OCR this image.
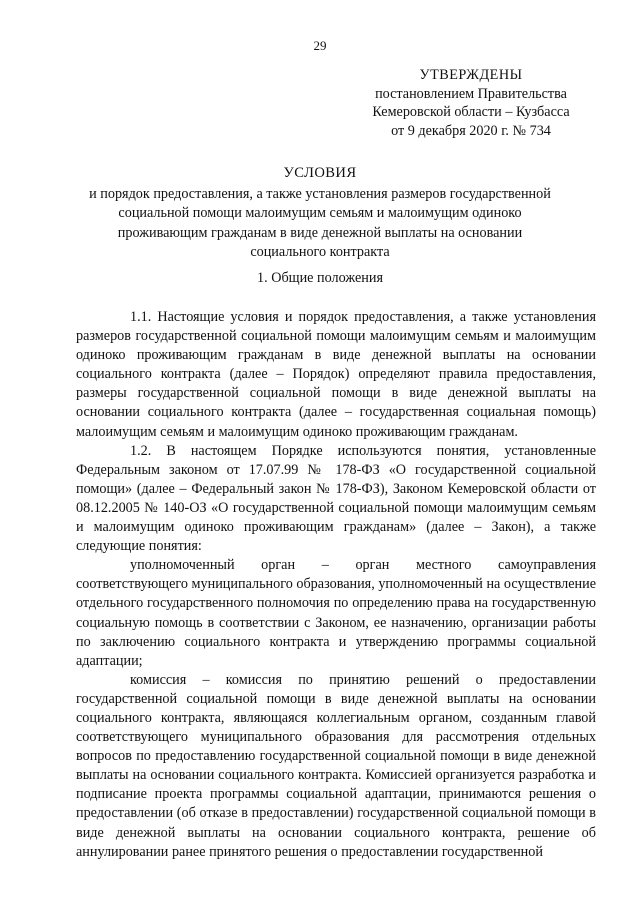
29
УТВЕРЖДЕНЫ
постановлением Правительства
Кемеровской области – Кузбасса
от 9 декабря 2020 г. № 734
УСЛОВИЯ
и порядок предоставления, а также установления размеров государственной
социальной помощи малоимущим семьям и малоимущим одиноко
проживающим гражданам в виде денежной выплаты на основании
социального контракта
1. Общие положения

1.1. Настоящие условия и порядок предоставления, а также установления размеров государственной социальной помощи малоимущим семьям и малоимущим одиноко проживающим гражданам в виде денежной выплаты на основании социального контракта (далее – Порядок) определяют правила предоставления, размеры государственной социальной помощи в виде денежной выплаты на основании социального контракта (далее – государственная социальная помощь) малоимущим семьям и малоимущим одиноко проживающим гражданам.

1.2. В настоящем Порядке используются понятия, установленные Федеральным законом от 17.07.99 № 178-ФЗ «О государственной социальной помощи» (далее – Федеральный закон № 178-ФЗ), Законом Кемеровской области от 08.12.2005 № 140-ОЗ «О государственной социальной помощи малоимущим семьям и малоимущим одиноко проживающим гражданам» (далее – Закон), а также следующие понятия:

уполномоченный орган – орган местного самоуправления соответствующего муниципального образования, уполномоченный на осуществление отдельного государственного полномочия по определению права на государственную социальную помощь в соответствии с Законом, ее назначению, организации работы по заключению социального контракта и утверждению программы социальной адаптации;

комиссия – комиссия по принятию решений о предоставлении государственной социальной помощи в виде денежной выплаты на основании социального контракта, являющаяся коллегиальным органом, созданным главой соответствующего муниципального образования для рассмотрения отдельных вопросов по предоставлению государственной социальной помощи в виде денежной выплаты на основании социального контракта. Комиссией организуется разработка и подписание проекта программы социальной адаптации, принимаются решения о предоставлении (об отказе в предоставлении) государственной социальной помощи в виде денежной выплаты на основании социального контракта, решение об аннулировании ранее принятого решения о предоставлении государственной
